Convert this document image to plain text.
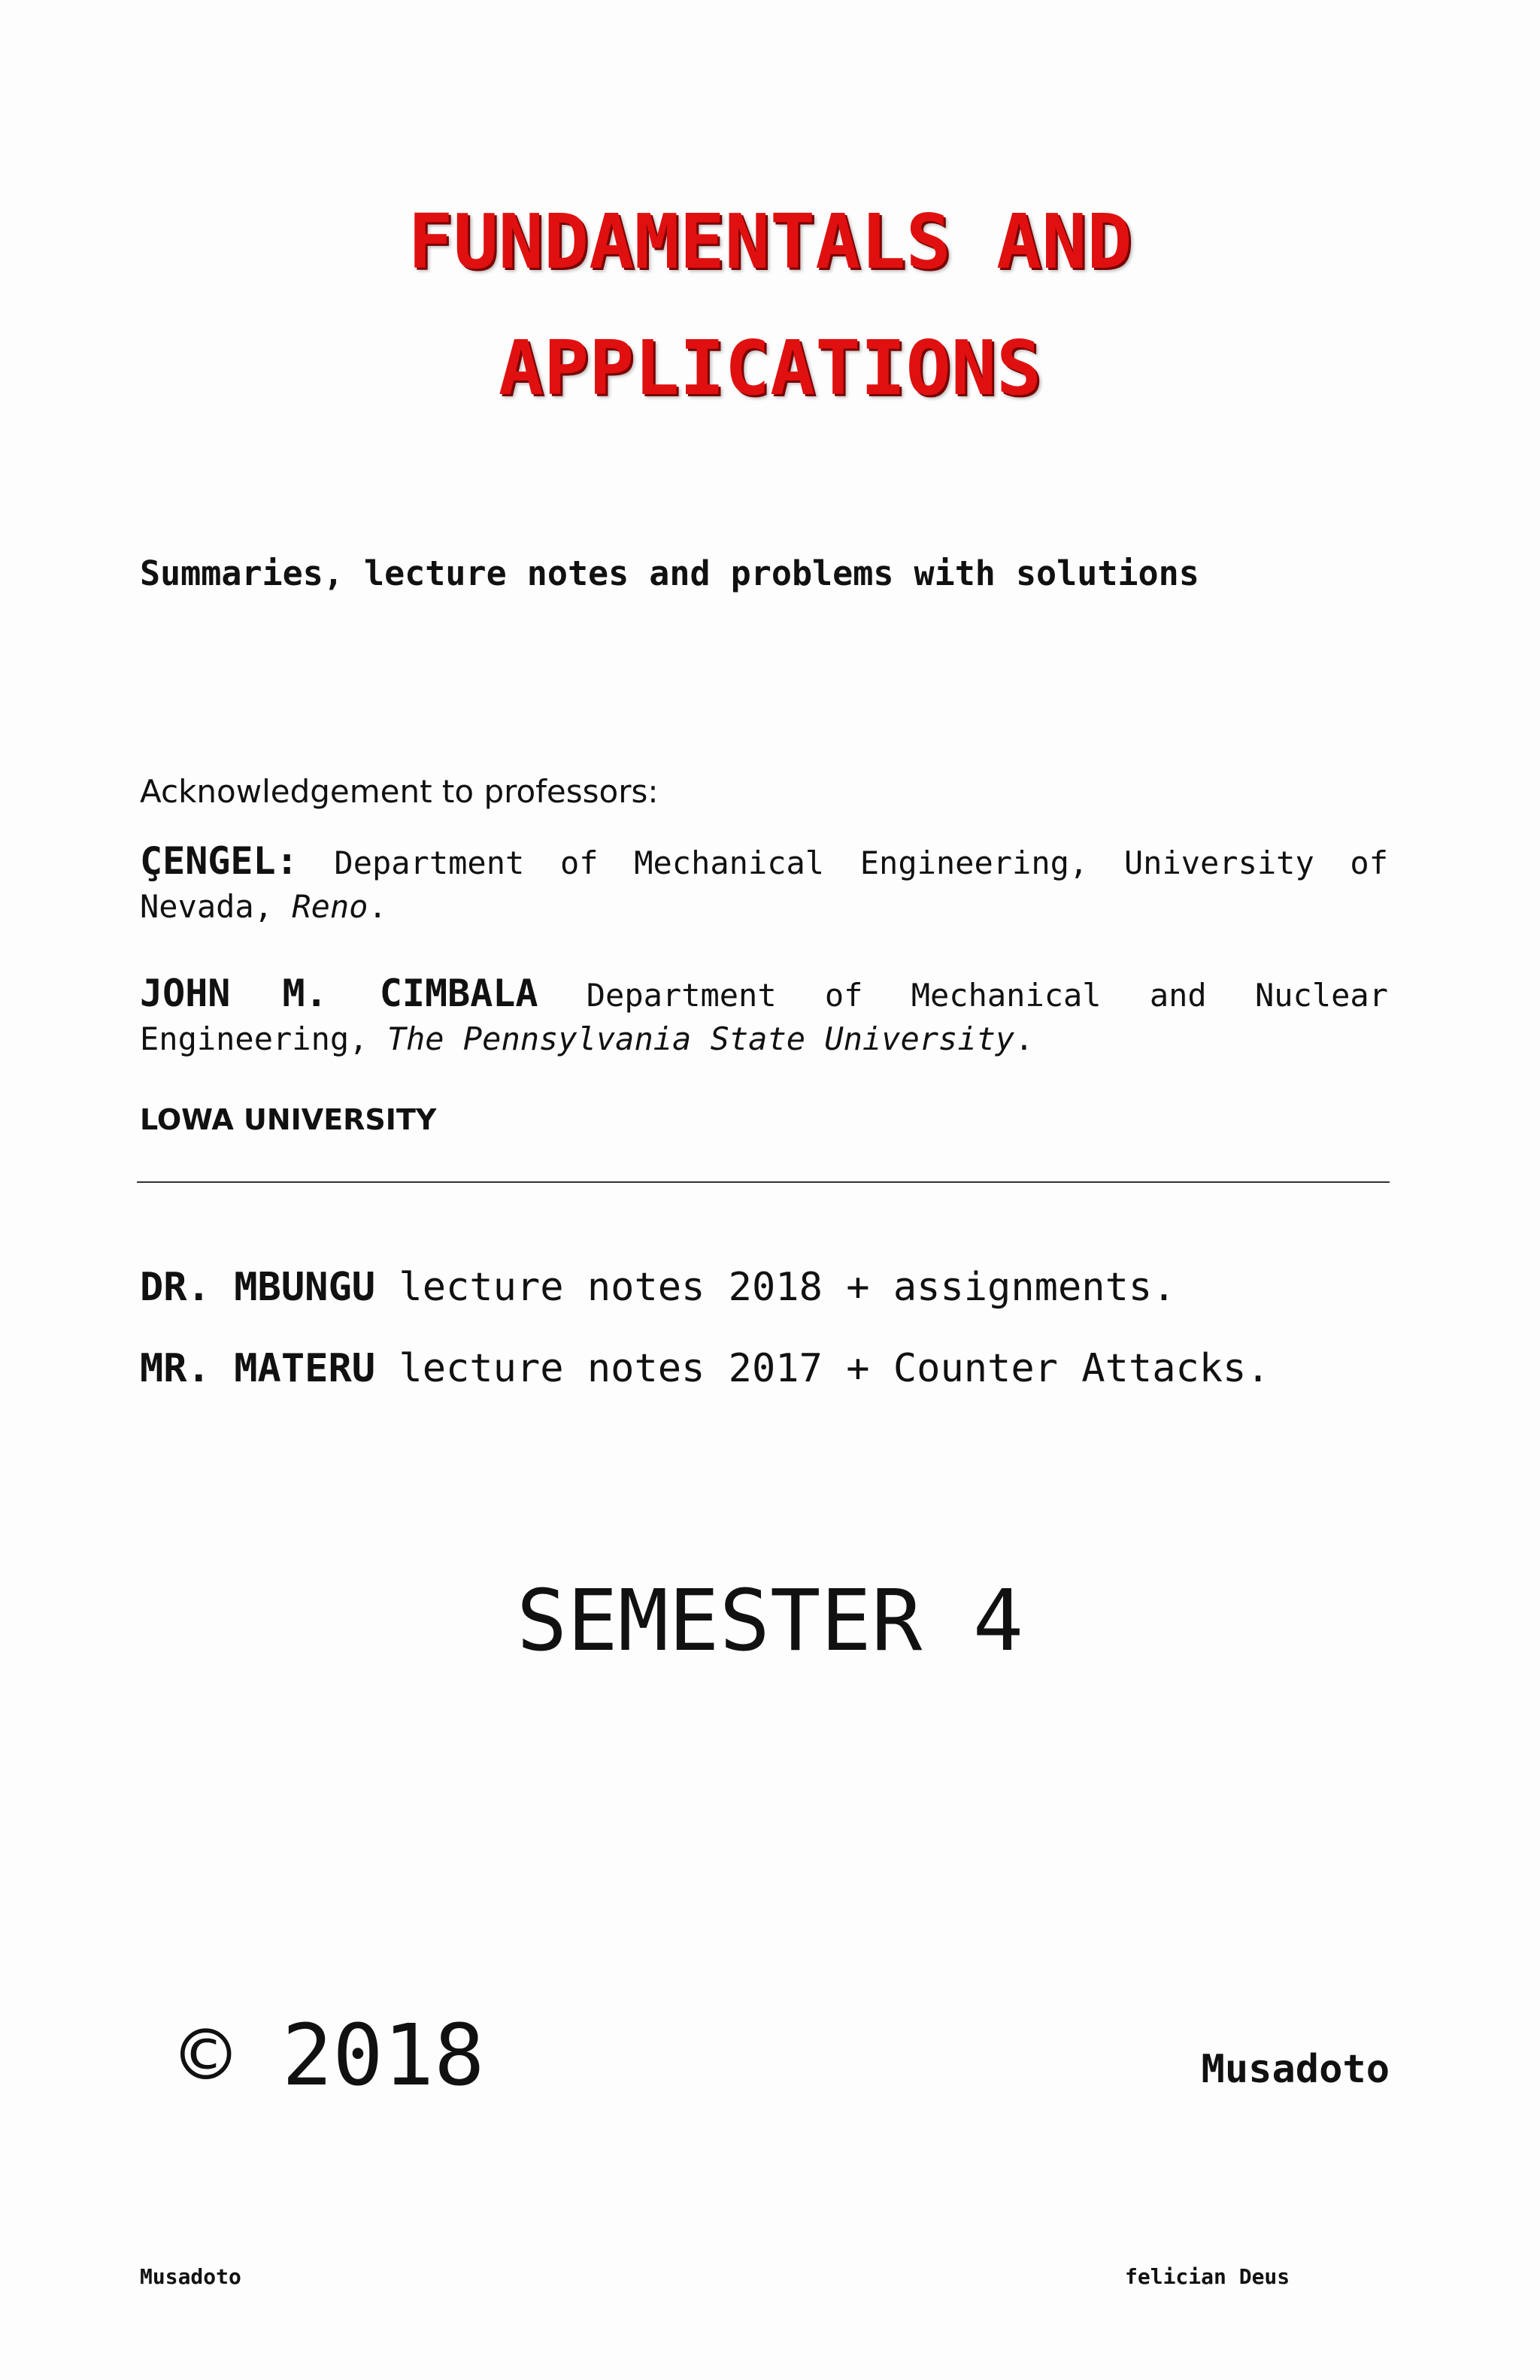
FUNDAMENTALS AND
APPLICATIONS
Summaries, lecture notes and problems with solutions
Acknowledgement to professors:
ÇENGEL: Department of Mechanical Engineering, University of Nevada, Reno.
JOHN M. CIMBALA Department of Mechanical and Nuclear Engineering, The Pennsylvania State University.
LOWA UNIVERSITY
DR. MBUNGU lecture notes 2018 + assignments.
MR. MATERU lecture notes 2017 + Counter Attacks.
SEMESTER 4
© 2018	Musadoto
Musadoto	felician Deus
